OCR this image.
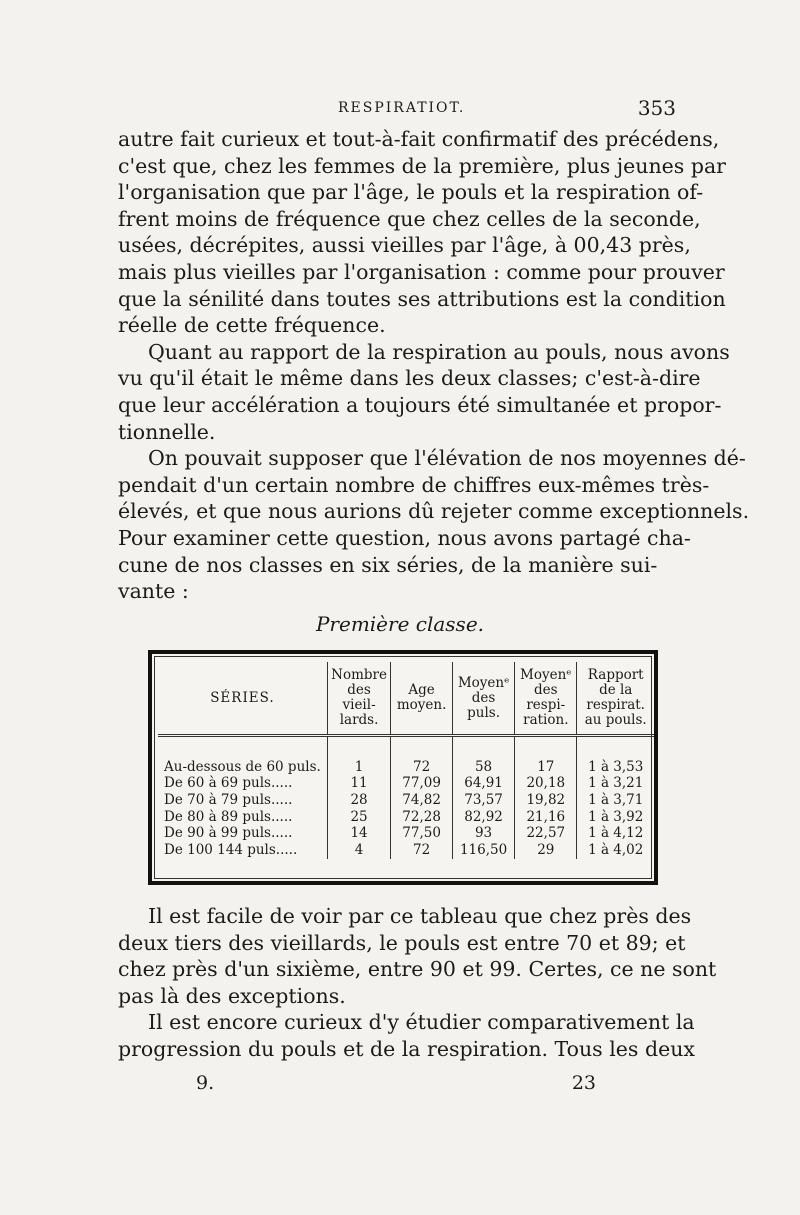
RESPIRATIOT.	353
autre fait curieux et tout-à-fait confirmatif des précédens,
c'est que, chez les femmes de la première, plus jeunes par
l'organisation que par l'âge, le pouls et la respiration of-
frent moins de fréquence que chez celles de la seconde,
usées, décrépites, aussi vieilles par l'âge, à 00,43 près,
mais plus vieilles par l'organisation : comme pour prouver
que la sénilité dans toutes ses attributions est la condition
réelle de cette fréquence.
Quant au rapport de la respiration au pouls, nous avons
vu qu'il était le même dans les deux classes; c'est-à-dire
que leur accélération a toujours été simultanée et propor-
tionnelle.
On pouvait supposer que l'élévation de nos moyennes dé-
pendait d'un certain nombre de chiffres eux-mêmes très-
élevés, et que nous aurions dû rejeter comme exceptionnels.
Pour examiner cette question, nous avons partagé cha-
cune de nos classes en six séries, de la manière sui-
vante :
Première classe.
SÉRIES.	Nombre des vieil- lards.	Age moyen.	Moyenᵉ des puls.	Moyenᵉ des respi- ration.	Rapport de la respirat. au pouls.
Au-dessous de 60 puls.	1	72	58	17	1 à 3,53
De 60 à 69 puls.....	11	77,09	64,91	20,18	1 à 3,21
De 70 à 79 puls.....	28	74,82	73,57	19,82	1 à 3,71
De 80 à 89 puls.....	25	72,28	82,92	21,16	1 à 3,92
De 90 à 99 puls.....	14	77,50	93	22,57	1 à 4,12
De 100 144 puls.....	4	72	116,50	29	1 à 4,02
Il est facile de voir par ce tableau que chez près des
deux tiers des vieillards, le pouls est entre 70 et 89; et
chez près d'un sixième, entre 90 et 99. Certes, ce ne sont
pas là des exceptions.
Il est encore curieux d'y étudier comparativement la
progression du pouls et de la respiration. Tous les deux
9.	23
